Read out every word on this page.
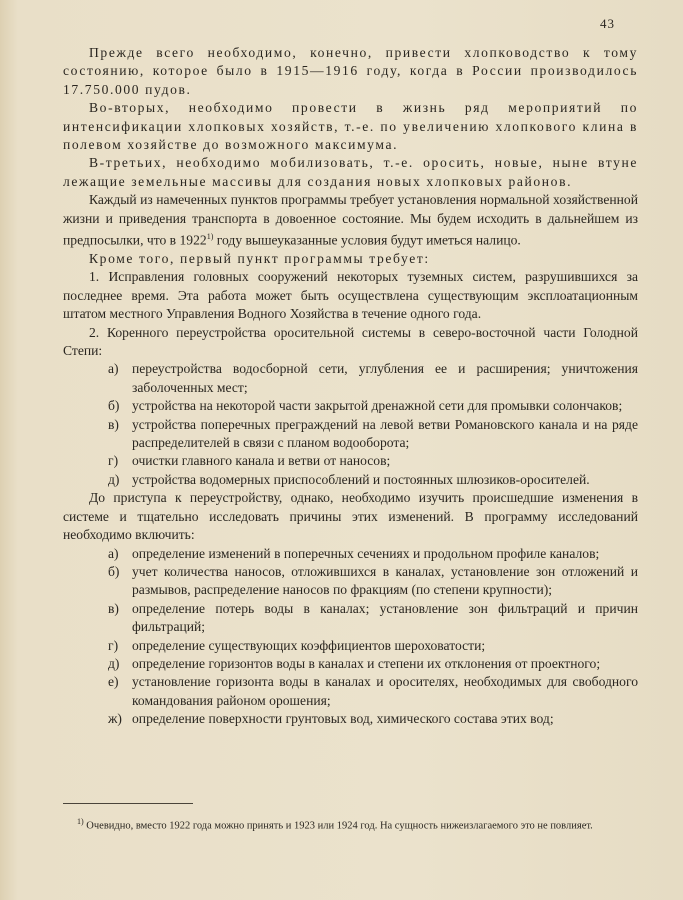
43

Прежде всего необходимо, конечно, привести хлопководство к тому состоянию, которое было в 1915—1916 году, когда в России производилось 17.750.000 пудов.

Во-вторых, необходимо провести в жизнь ряд мероприятий по интенсификации хлопковых хозяйств, т.-е. по увеличению хлопкового клина в полевом хозяйстве до возможного максимума.

В-третьих, необходимо мобилизовать, т.-е. оросить, новые, ныне втуне лежащие земельные массивы для создания новых хлопковых районов.

Каждый из намеченных пунктов программы требует установления нормальной хозяйственной жизни и приведения транспорта в довоенное состояние. Мы будем исходить в дальнейшем из предпосылки, что в 1922$^{1)}$ году вышеуказанные условия будут иметься налицо.

Кроме того, первый пункт программы требует:

1. Исправления головных сооружений некоторых туземных систем, разрушившихся за последнее время. Эта работа может быть осуществлена существующим эксплоатационным штатом местного Управления Водного Хозяйства в течение одного года.

2. Коренного переустройства оросительной системы в северо-восточной части Голодной Степи:

а) переустройства водосборной сети, углубления ее и расширения; уничтожения заболоченных мест;
б) устройства на некоторой части закрытой дренажной сети для промывки солончаков;
в) устройства поперечных преграждений на левой ветви Романовского канала и на ряде распределителей в связи с планом водооборота;
г) очистки главного канала и ветви от наносов;
д) устройства водомерных приспособлений и постоянных шлюзиков-оросителей.

До приступа к переустройству, однако, необходимо изучить происшедшие изменения в системе и тщательно исследовать причины этих изменений. В программу исследований необходимо включить:

а) определение изменений в поперечных сечениях и продольном профиле каналов;
б) учет количества наносов, отложившихся в каналах, установление зон отложений и размывов, распределение наносов по фракциям (по степени крупности);
в) определение потерь воды в каналах; установление зон фильтраций и причин фильтраций;
г) определение существующих коэффициентов шероховатости;
д) определение горизонтов воды в каналах и степени их отклонения от проектного;
е) установление горизонта воды в каналах и оросителях, необходимых для свободного командования районом орошения;
ж) определение поверхности грунтовых вод, химического состава этих вод;

$^{1)}$ Очевидно, вместо 1922 года можно принять и 1923 или 1924 год. На сущность нижеизлагаемого это не повлияет.
